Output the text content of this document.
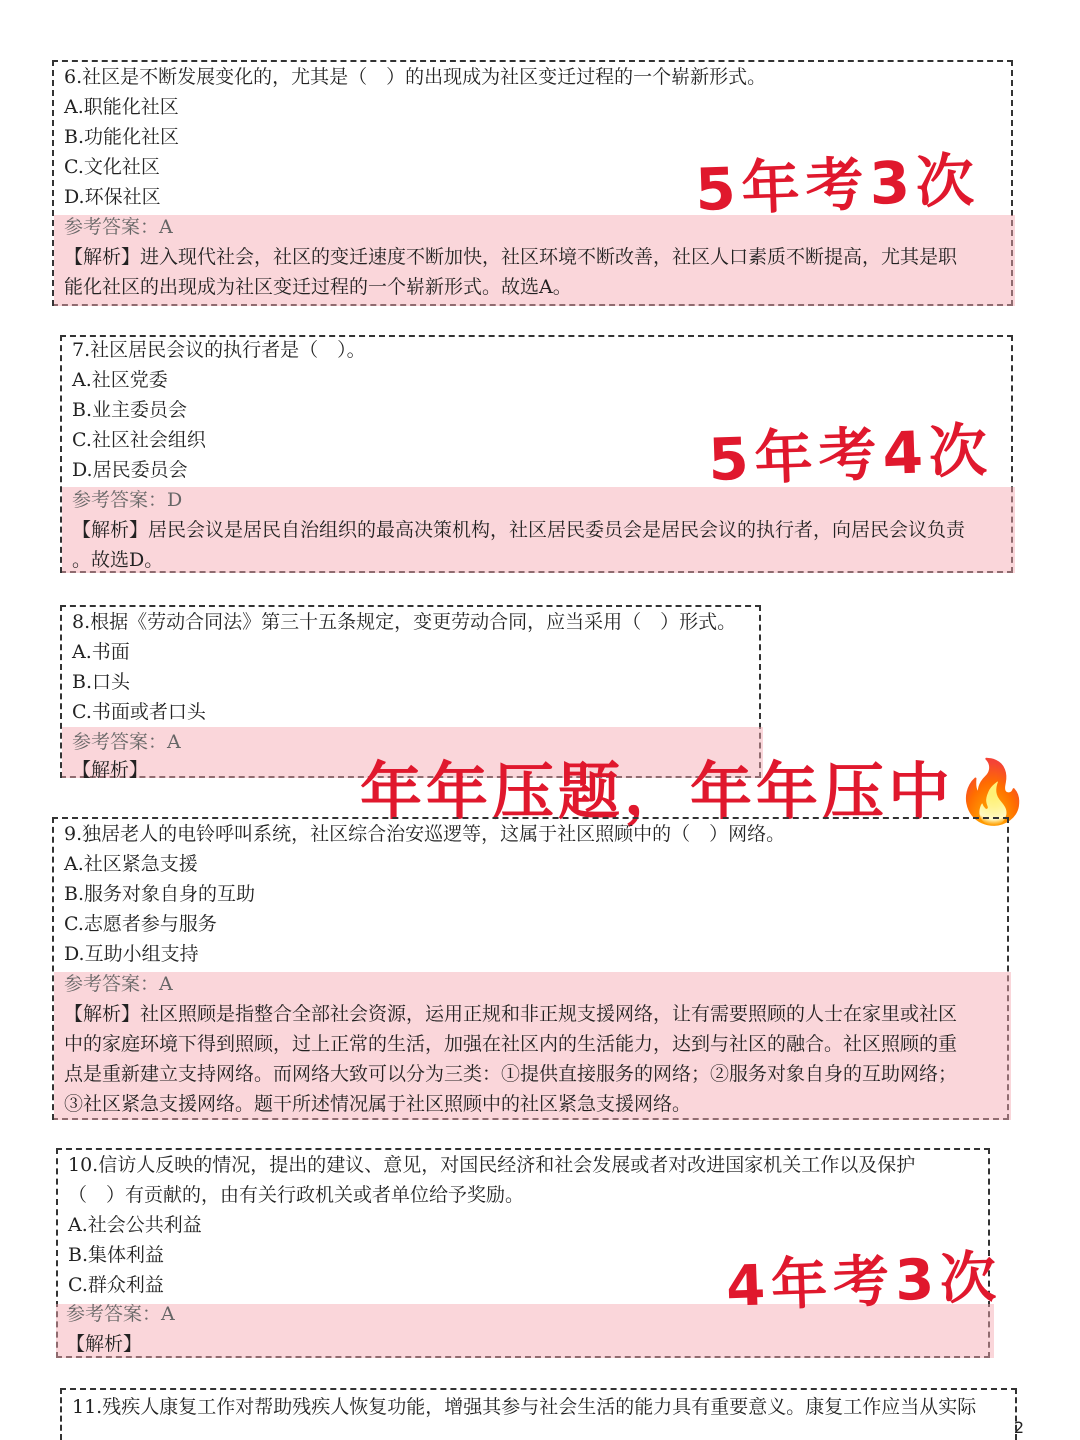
6.社区是不断发展变化的，尤其是（　）的出现成为社区变迁过程的一个崭新形式。
A.职能化社区
B.功能化社区
C.文化社区
D.环保社区
参考答案：A
【解析】进入现代社会，社区的变迁速度不断加快，社区环境不断改善，社区人口素质不断提高，尤其是职
能化社区的出现成为社区变迁过程的一个崭新形式。故选A。
5年考3次
7.社区居民会议的执行者是（　）。
A.社区党委
B.业主委员会
C.社区社会组织
D.居民委员会
参考答案：D
【解析】居民会议是居民自治组织的最高决策机构，社区居民委员会是居民会议的执行者，向居民会议负责
。故选D。
5年考4次
8.根据《劳动合同法》第三十五条规定，变更劳动合同，应当采用（　）形式。
A.书面
B.口头
C.书面或者口头
参考答案：A
【解析】	年年压题，年年压中🔥
9.独居老人的电铃呼叫系统，社区综合治安巡逻等，这属于社区照顾中的（　）网络。
A.社区紧急支援
B.服务对象自身的互助
C.志愿者参与服务
D.互助小组支持
参考答案：A
【解析】社区照顾是指整合全部社会资源，运用正规和非正规支援网络，让有需要照顾的人士在家里或社区
中的家庭环境下得到照顾，过上正常的生活，加强在社区内的生活能力，达到与社区的融合。社区照顾的重
点是重新建立支持网络。而网络大致可以分为三类：①提供直接服务的网络；②服务对象自身的互助网络；
③社区紧急支援网络。题干所述情况属于社区照顾中的社区紧急支援网络。
10.信访人反映的情况，提出的建议、意见，对国民经济和社会发展或者对改进国家机关工作以及保护
（　）有贡献的，由有关行政机关或者单位给予奖励。
A.社会公共利益
B.集体利益
C.群众利益
参考答案：A
【解析】
4年考3次
11.残疾人康复工作对帮助残疾人恢复功能，增强其参与社会生活的能力具有重要意义。康复工作应当从实际
2
